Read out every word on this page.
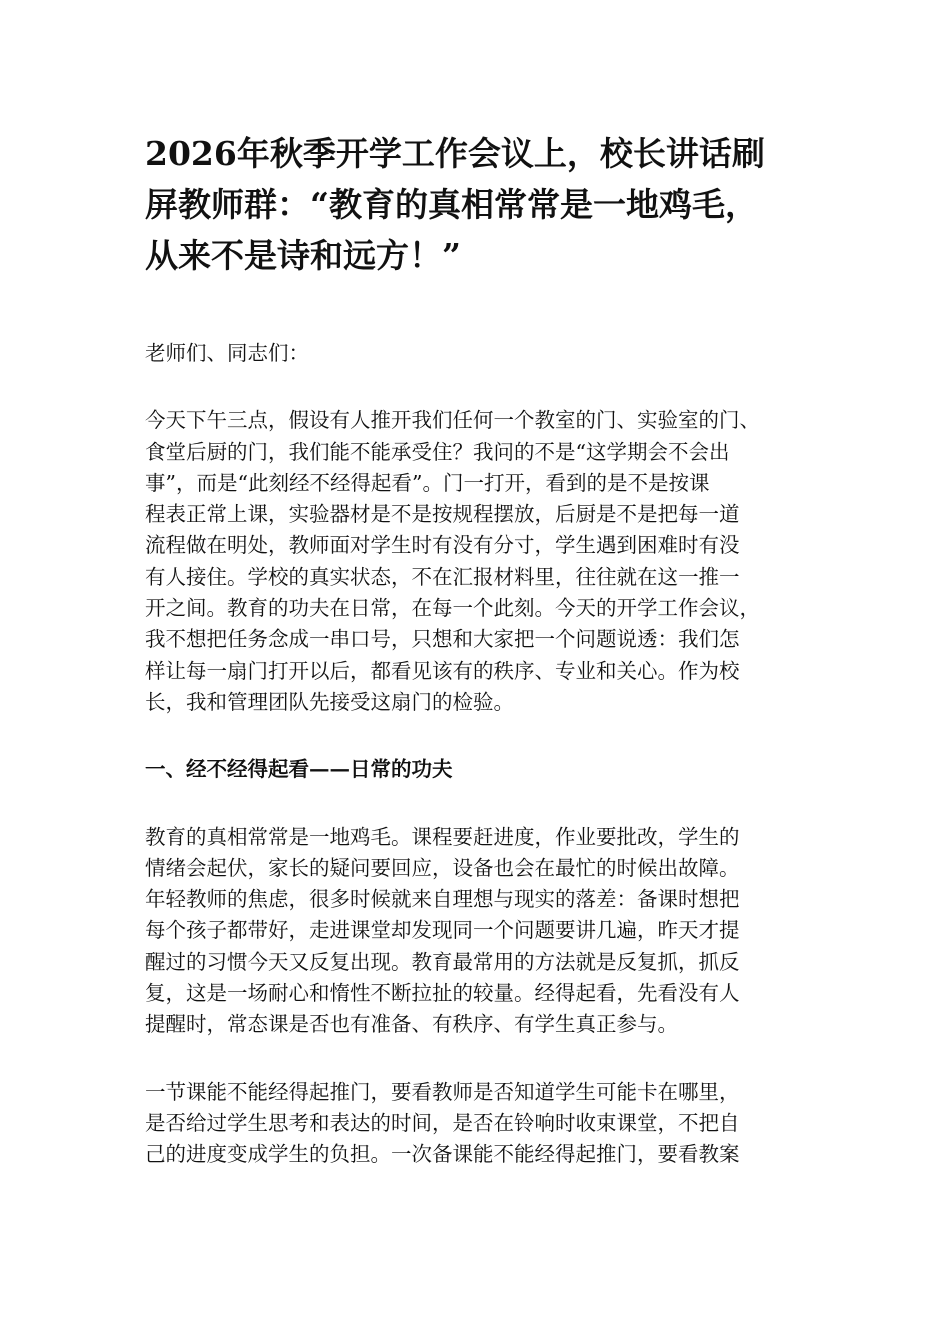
2026年秋季开学工作会议上，校长讲话刷
屏教师群：“教育的真相常常是一地鸡毛，
从来不是诗和远方！”

老师们、同志们：

今天下午三点，假设有人推开我们任何一个教室的门、实验室的门、
食堂后厨的门，我们能不能承受住？我问的不是“这学期会不会出
事”，而是“此刻经不经得起看”。门一打开，看到的是不是按课
程表正常上课，实验器材是不是按规程摆放，后厨是不是把每一道
流程做在明处，教师面对学生时有没有分寸，学生遇到困难时有没
有人接住。学校的真实状态，不在汇报材料里，往往就在这一推一
开之间。教育的功夫在日常，在每一个此刻。今天的开学工作会议，
我不想把任务念成一串口号，只想和大家把一个问题说透：我们怎
样让每一扇门打开以后，都看见该有的秩序、专业和关心。作为校
长，我和管理团队先接受这扇门的检验。

一、经不经得起看——日常的功夫

教育的真相常常是一地鸡毛。课程要赶进度，作业要批改，学生的
情绪会起伏，家长的疑问要回应，设备也会在最忙的时候出故障。
年轻教师的焦虑，很多时候就来自理想与现实的落差：备课时想把
每个孩子都带好，走进课堂却发现同一个问题要讲几遍，昨天才提
醒过的习惯今天又反复出现。教育最常用的方法就是反复抓，抓反
复，这是一场耐心和惰性不断拉扯的较量。经得起看，先看没有人
提醒时，常态课是否也有准备、有秩序、有学生真正参与。

一节课能不能经得起推门，要看教师是否知道学生可能卡在哪里，
是否给过学生思考和表达的时间，是否在铃响时收束课堂，不把自
己的进度变成学生的负担。一次备课能不能经得起推门，要看教案
